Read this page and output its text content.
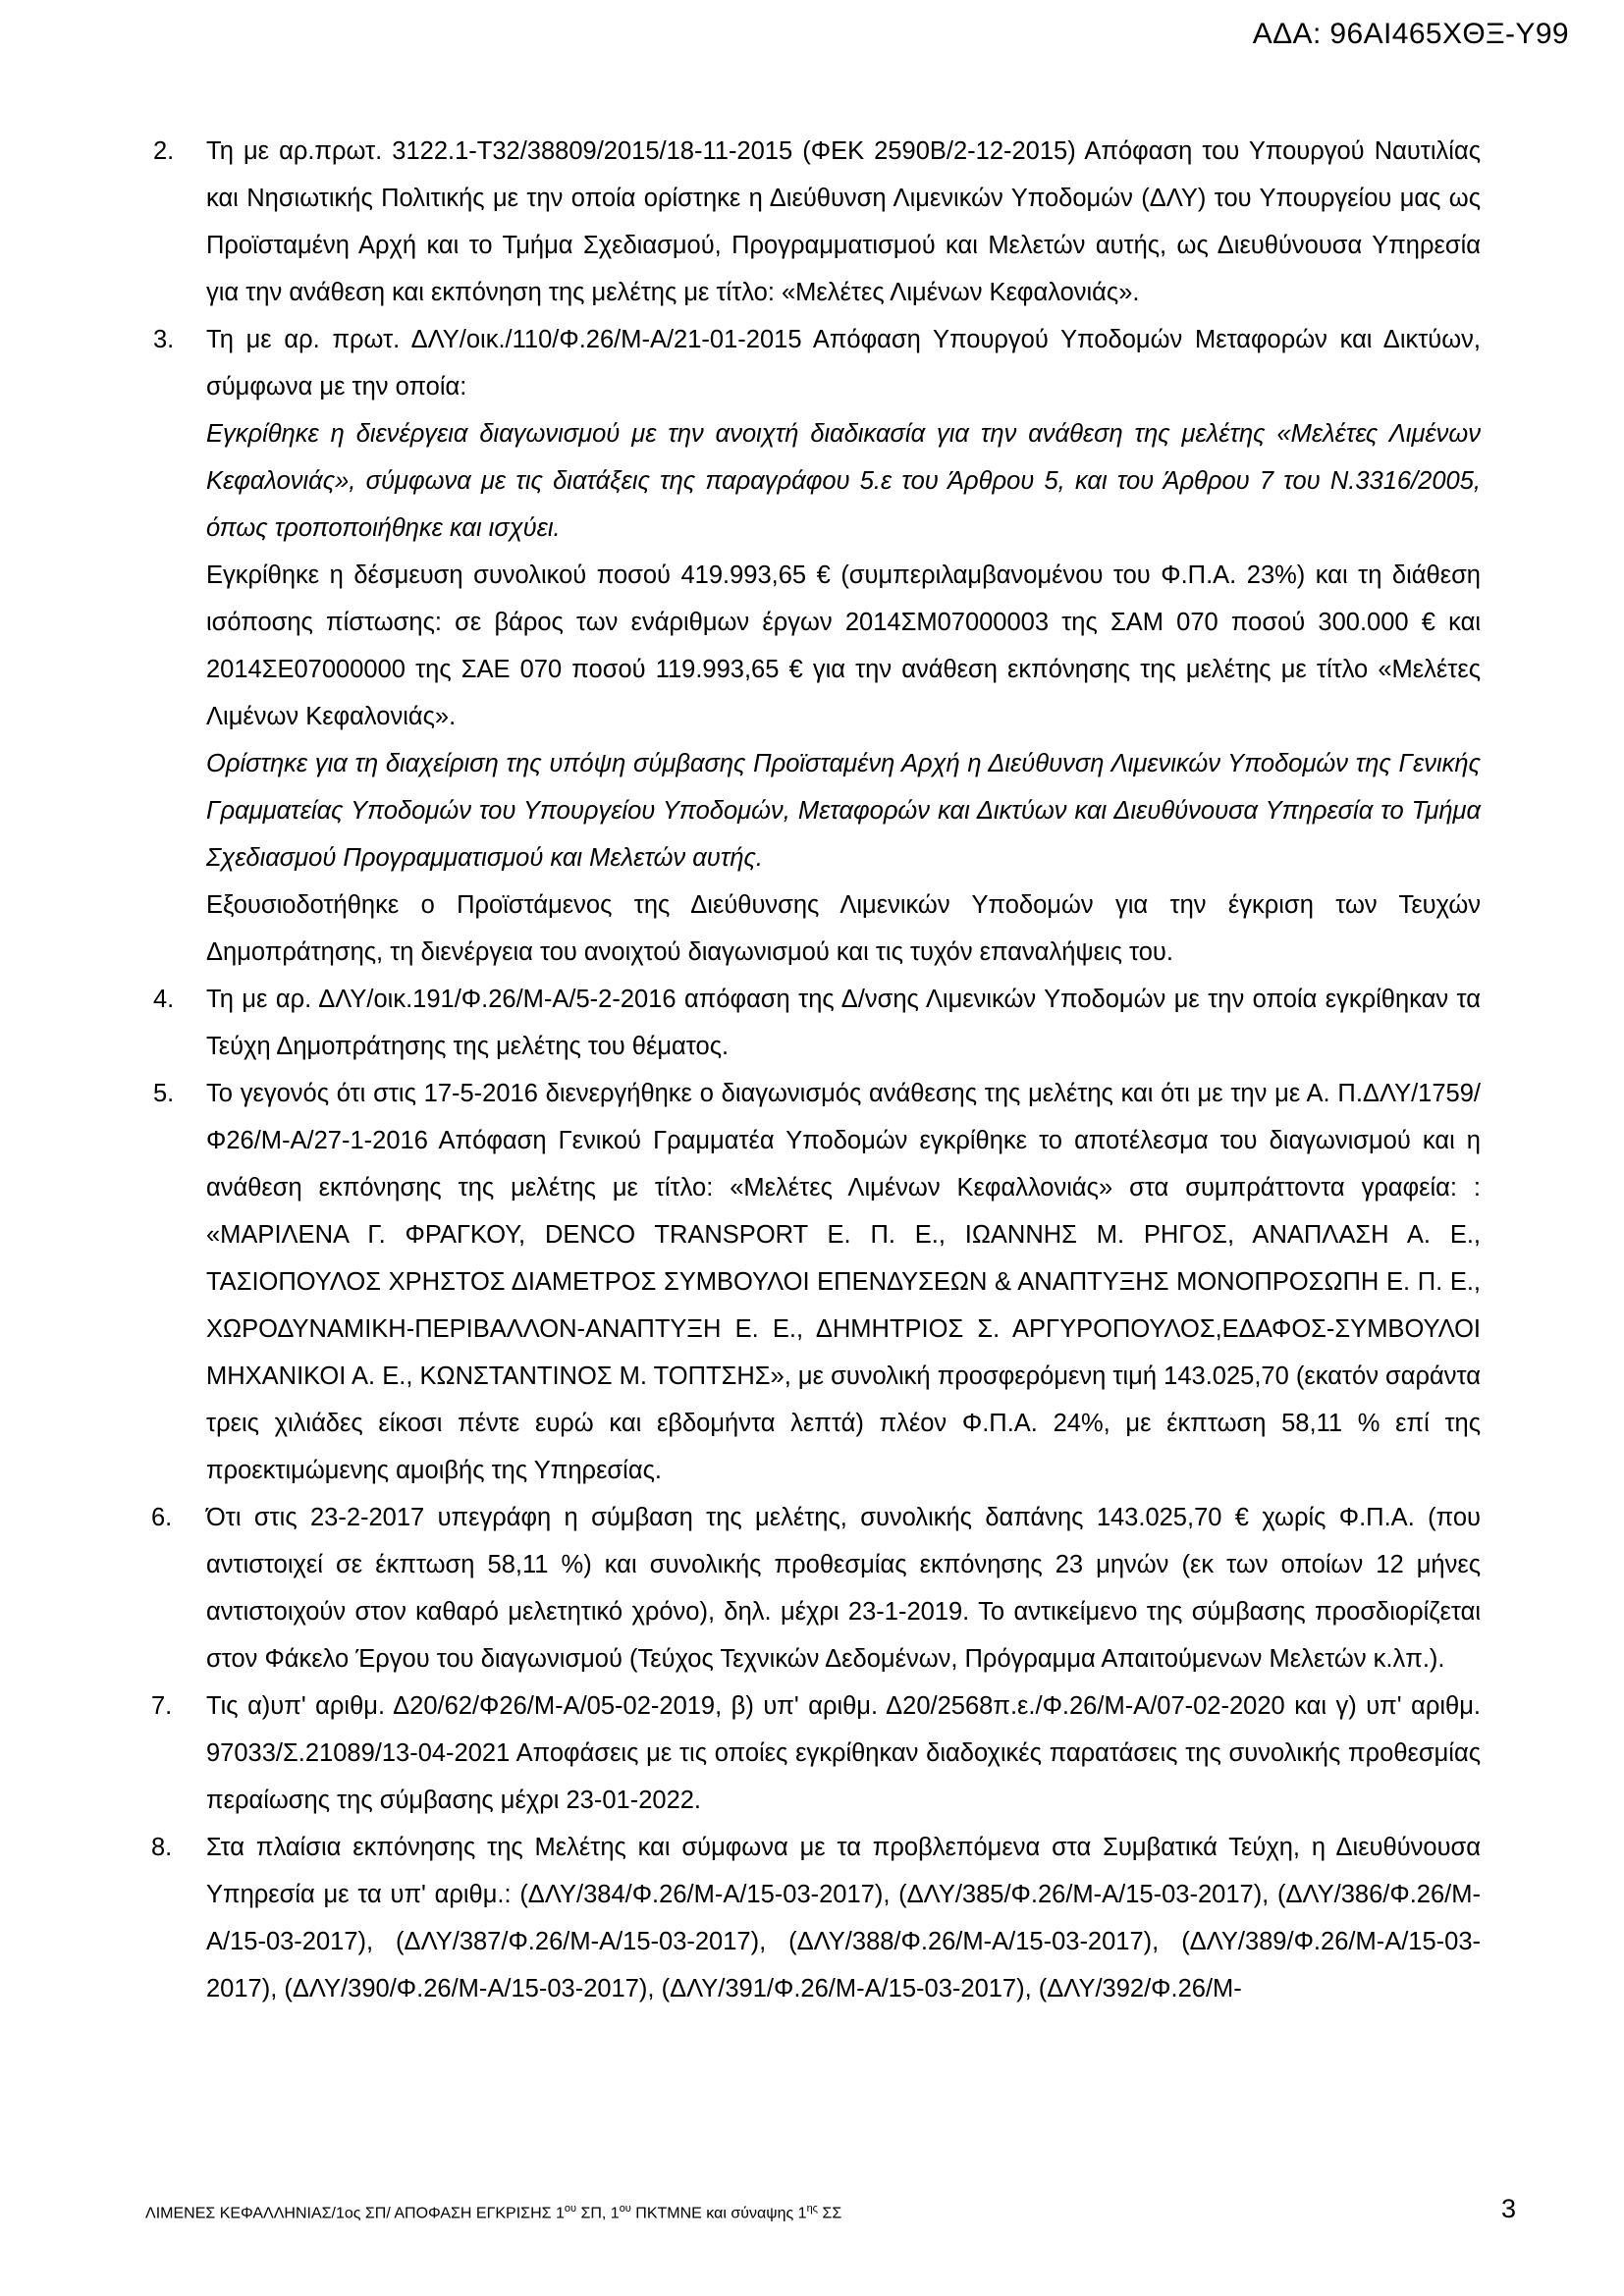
ΑΔΑ: 96ΑΙ465ΧΘΞ-Υ99
2.	Τη με αρ.πρωτ. 3122.1-Τ32/38809/2015/18-11-2015 (ΦΕΚ 2590Β/2-12-2015) Απόφαση του Υπουργού Ναυτιλίας και Νησιωτικής Πολιτικής με την οποία ορίστηκε η Διεύθυνση Λιμενικών Υποδομών (ΔΛΥ) του Υπουργείου μας ως Προϊσταμένη Αρχή και το Τμήμα Σχεδιασμού, Προγραμματισμού και Μελετών αυτής, ως Διευθύνουσα Υπηρεσία για την ανάθεση και εκπόνηση της μελέτης με τίτλο: «Μελέτες Λιμένων Κεφαλονιάς».

3.	Τη με αρ. πρωτ. ΔΛΥ/οικ./110/Φ.26/Μ-Α/21-01-2015 Απόφαση Υπουργού Υποδομών Μεταφορών και Δικτύων, σύμφωνα με την οποία:

Εγκρίθηκε η διενέργεια διαγωνισμού με την ανοιχτή διαδικασία για την ανάθεση της μελέτης «Μελέτες Λιμένων Κεφαλονιάς», σύμφωνα με τις διατάξεις της παραγράφου 5.ε του Άρθρου 5, και του Άρθρου 7 του Ν.3316/2005, όπως τροποποιήθηκε και ισχύει.

Εγκρίθηκε η δέσμευση συνολικού ποσού 419.993,65 € (συμπεριλαμβανομένου του Φ.Π.Α. 23%) και τη διάθεση ισόποσης πίστωσης: σε βάρος των ενάριθμων έργων 2014ΣΜ07000003 της ΣΑΜ 070 ποσού 300.000 € και 2014ΣΕ07000000 της ΣΑΕ 070 ποσού 119.993,65 € για την ανάθεση εκπόνησης της μελέτης με τίτλο «Μελέτες Λιμένων Κεφαλονιάς».

Ορίστηκε για τη διαχείριση της υπόψη σύμβασης Προϊσταμένη Αρχή η Διεύθυνση Λιμενικών Υποδομών της Γενικής Γραμματείας Υποδομών του Υπουργείου Υποδομών, Μεταφορών και Δικτύων και Διευθύνουσα Υπηρεσία το Τμήμα Σχεδιασμού Προγραμματισμού και Μελετών αυτής.

Εξουσιοδοτήθηκε ο Προϊστάμενος της Διεύθυνσης Λιμενικών Υποδομών για την έγκριση των Τευχών Δημοπράτησης, τη διενέργεια του ανοιχτού διαγωνισμού και τις τυχόν επαναλήψεις του.

4.	Τη με αρ. ΔΛΥ/οικ.191/Φ.26/Μ-Α/5-2-2016 απόφαση της Δ/νσης Λιμενικών Υποδομών με την οποία εγκρίθηκαν τα Τεύχη Δημοπράτησης της μελέτης του θέματος.

5.	Το γεγονός ότι στις 17-5-2016 διενεργήθηκε ο διαγωνισμός ανάθεσης της μελέτης και ότι με την με Α. Π.ΔΛΥ/1759/Φ26/Μ-Α/27-1-2016 Απόφαση Γενικού Γραμματέα Υποδομών εγκρίθηκε το αποτέλεσμα του διαγωνισμού και η ανάθεση εκπόνησης της μελέτης με τίτλο: «Μελέτες Λιμένων Κεφαλλονιάς» στα συμπράττοντα γραφεία: : «ΜΑΡΙΛΕΝΑ Γ. ΦΡΑΓΚΟΥ, DENCO TRANSPORT Ε. Π. Ε., ΙΩΑΝΝΗΣ Μ. ΡΗΓΟΣ, ΑΝΑΠΛΑΣΗ Α. Ε., ΤΑΣΙΟΠΟΥΛΟΣ ΧΡΗΣΤΟΣ ΔΙΑΜΕΤΡΟΣ ΣΥΜΒΟΥΛΟΙ ΕΠΕΝΔΥΣΕΩΝ & ΑΝΑΠΤΥΞΗΣ ΜΟΝΟΠΡΟΣΩΠΗ Ε. Π. Ε., ΧΩΡΟΔΥΝΑΜΙΚΗ-ΠΕΡΙΒΑΛΛΟΝ-ΑΝΑΠΤΥΞΗ Ε. Ε., ΔΗΜΗΤΡΙΟΣ Σ. ΑΡΓΥΡΟΠΟΥΛΟΣ,ΕΔΑΦΟΣ-ΣΥΜΒΟΥΛΟΙ ΜΗΧΑΝΙΚΟΙ Α. Ε., ΚΩΝΣΤΑΝΤΙΝΟΣ Μ. ΤΟΠΤΣΗΣ», με συνολική προσφερόμενη τιμή 143.025,70 (εκατόν σαράντα τρεις χιλιάδες είκοσι πέντε ευρώ και εβδομήντα λεπτά) πλέον Φ.Π.Α. 24%, με έκπτωση 58,11 % επί της προεκτιμώμενης αμοιβής της Υπηρεσίας.

6.	Ότι στις 23-2-2017 υπεγράφη η σύμβαση της μελέτης, συνολικής δαπάνης 143.025,70 € χωρίς Φ.Π.Α. (που αντιστοιχεί σε έκπτωση 58,11 %) και συνολικής προθεσμίας εκπόνησης 23 μηνών (εκ των οποίων 12 μήνες αντιστοιχούν στον καθαρό μελετητικό χρόνο), δηλ. μέχρι 23-1-2019. Το αντικείμενο της σύμβασης προσδιορίζεται στον Φάκελο Έργου του διαγωνισμού (Τεύχος Τεχνικών Δεδομένων, Πρόγραμμα Απαιτούμενων Μελετών κ.λπ.).

7.	Τις α)υπ' αριθμ. Δ20/62/Φ26/Μ-Α/05-02-2019, β) υπ' αριθμ. Δ20/2568π.ε./Φ.26/Μ-Α/07-02-2020 και γ) υπ' αριθμ. 97033/Σ.21089/13-04-2021 Αποφάσεις με τις οποίες εγκρίθηκαν διαδοχικές παρατάσεις της συνολικής προθεσμίας περαίωσης της σύμβασης μέχρι 23-01-2022.

8.	Στα πλαίσια εκπόνησης της Μελέτης και σύμφωνα με τα προβλεπόμενα στα Συμβατικά Τεύχη, η Διευθύνουσα Υπηρεσία με τα υπ' αριθμ.: (ΔΛΥ/384/Φ.26/Μ-Α/15-03-2017), (ΔΛΥ/385/Φ.26/Μ-Α/15-03-2017), (ΔΛΥ/386/Φ.26/Μ-Α/15-03-2017), (ΔΛΥ/387/Φ.26/Μ-Α/15-03-2017), (ΔΛΥ/388/Φ.26/Μ-Α/15-03-2017), (ΔΛΥ/389/Φ.26/Μ-Α/15-03-2017), (ΔΛΥ/390/Φ.26/Μ-Α/15-03-2017), (ΔΛΥ/391/Φ.26/Μ-Α/15-03-2017), (ΔΛΥ/392/Φ.26/Μ-

ΛΙΜΕΝΕΣ ΚΕΦΑΛΛΗΝΙΑΣ/1ος ΣΠ/ ΑΠΟΦΑΣΗ ΕΓΚΡΙΣΗΣ $1^{o\upsilon}$ ΣΠ, $1^{o\upsilon}$ ΠΚΤΜΝΕ και σύναψης $1^{\eta\varsigma}$ ΣΣ	3
